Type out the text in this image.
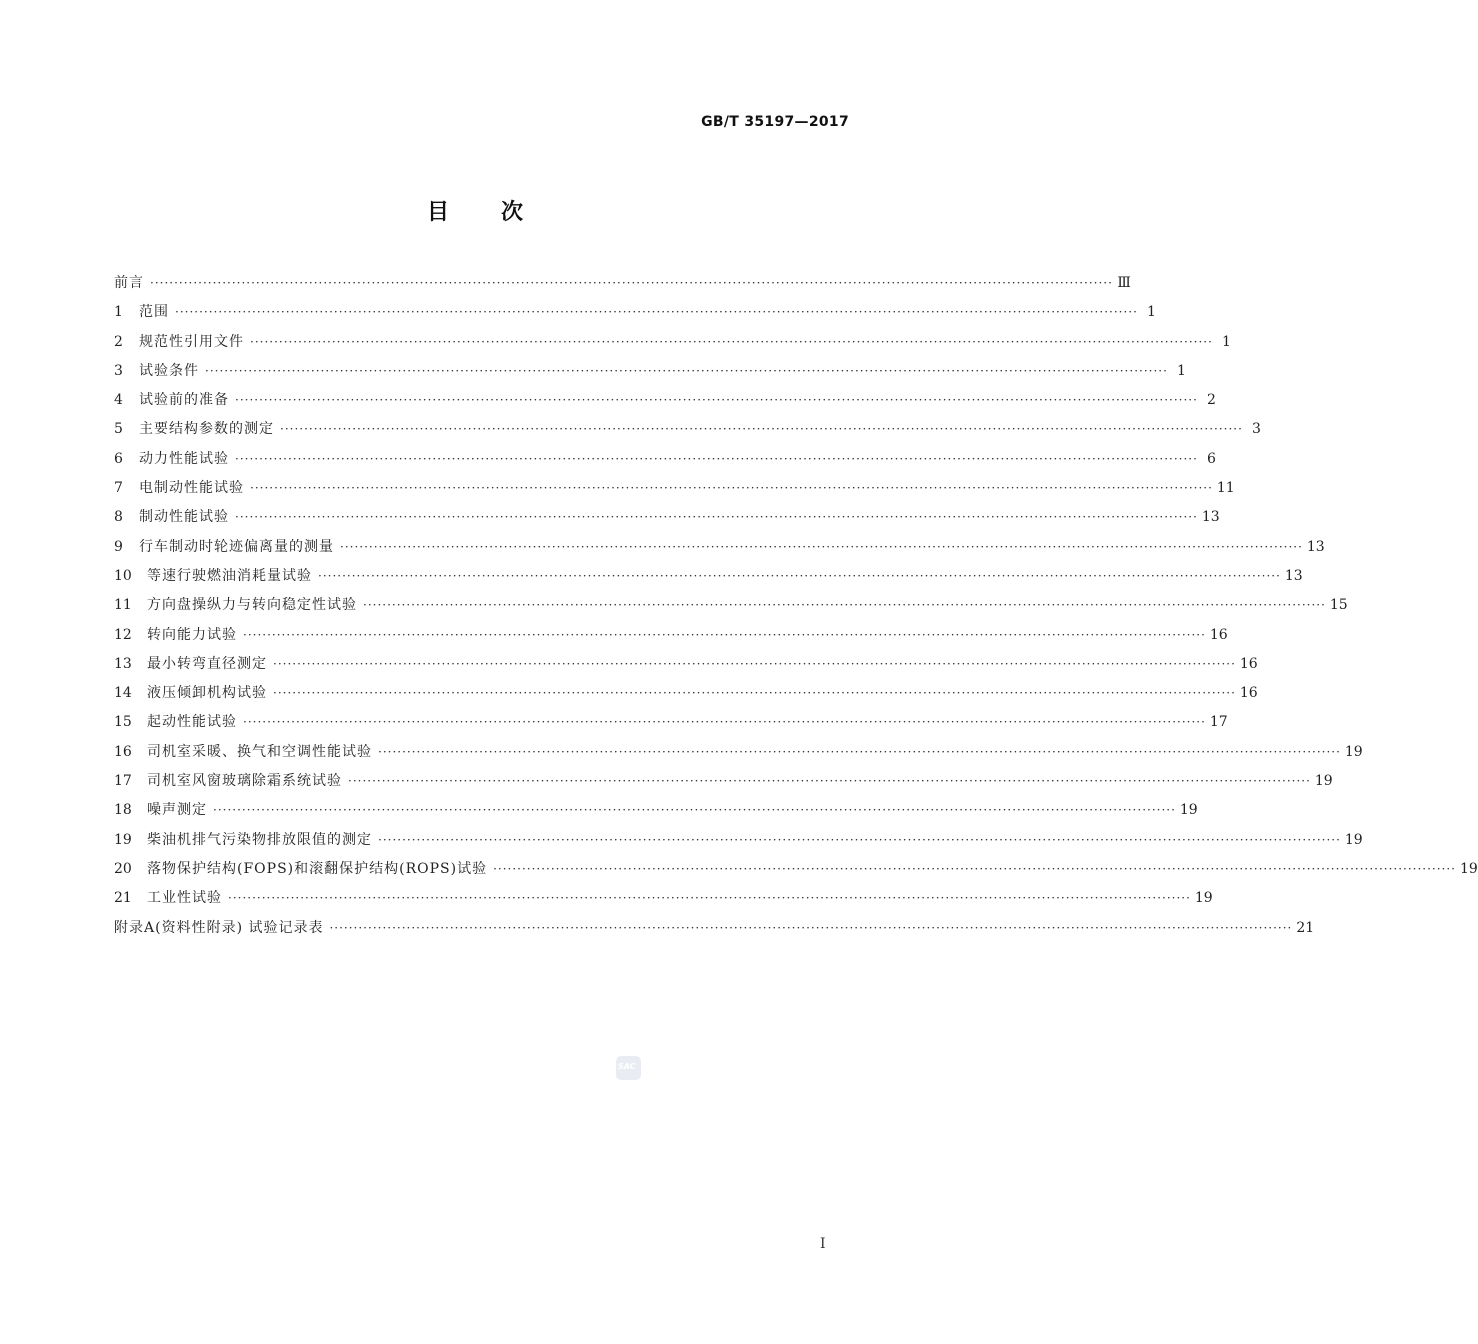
GB/T 35197—2017
目次
前言 ········································································································································································································ Ⅲ
1	范围 ········································································································································································································ 1
2	规范性引用文件 ········································································································································································································ 1
3	试验条件 ········································································································································································································ 1
4	试验前的准备 ········································································································································································································ 2
5	主要结构参数的测定 ········································································································································································································ 3
6	动力性能试验 ········································································································································································································ 6
7	电制动性能试验 ········································································································································································································ 11
8	制动性能试验 ········································································································································································································ 13
9	行车制动时轮迹偏离量的测量 ········································································································································································································ 13
10	等速行驶燃油消耗量试验 ········································································································································································································ 13
11	方向盘操纵力与转向稳定性试验 ········································································································································································································ 15
12	转向能力试验 ········································································································································································································ 16
13	最小转弯直径测定 ········································································································································································································ 16
14	液压倾卸机构试验 ········································································································································································································ 16
15	起动性能试验 ········································································································································································································ 17
16	司机室采暖、换气和空调性能试验 ········································································································································································································ 19
17	司机室风窗玻璃除霜系统试验 ········································································································································································································ 19
18	噪声测定 ········································································································································································································ 19
19	柴油机排气污染物排放限值的测定 ········································································································································································································ 19
20	落物保护结构(FOPS)和滚翻保护结构(ROPS)试验 ········································································································································································································ 19
21	工业性试验 ········································································································································································································ 19
附录A(资料性附录) 试验记录表 ········································································································································································································ 21
SAC
I
